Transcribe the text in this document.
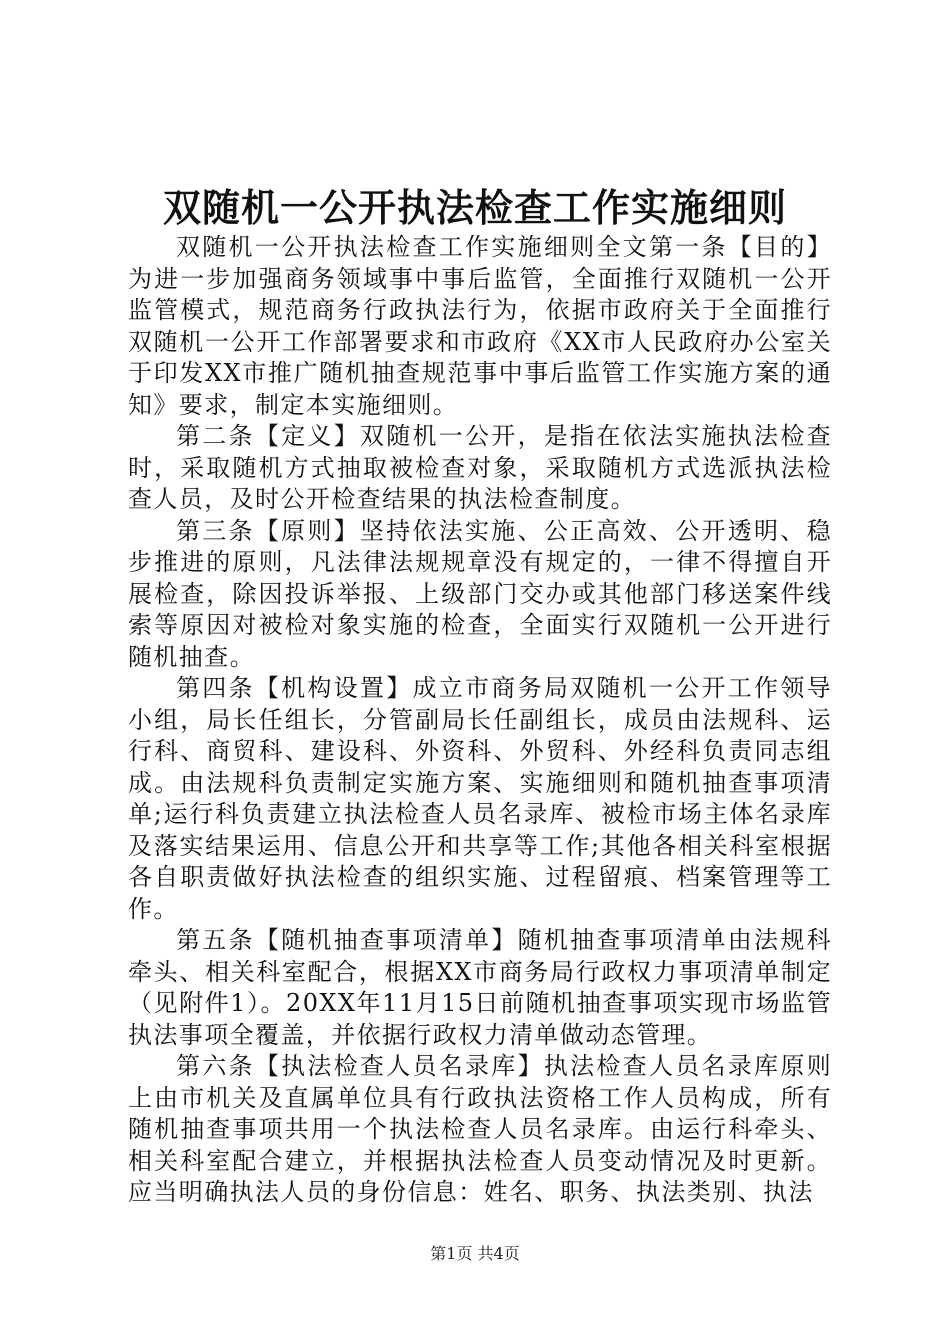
双随机一公开执法检查工作实施细则

双随机一公开执法检查工作实施细则全文第一条【目的】为进一步加强商务领域事中事后监管，全面推行双随机一公开监管模式，规范商务行政执法行为，依据市政府关于全面推行双随机一公开工作部署要求和市政府《XX市人民政府办公室关于印发XX市推广随机抽查规范事中事后监管工作实施方案的通知》要求，制定本实施细则。

第二条【定义】双随机一公开，是指在依法实施执法检查时，采取随机方式抽取被检查对象，采取随机方式选派执法检查人员，及时公开检查结果的执法检查制度。

第三条【原则】坚持依法实施、公正高效、公开透明、稳步推进的原则，凡法律法规规章没有规定的，一律不得擅自开展检查，除因投诉举报、上级部门交办或其他部门移送案件线索等原因对被检对象实施的检查，全面实行双随机一公开进行随机抽查。

第四条【机构设置】成立市商务局双随机一公开工作领导小组，局长任组长，分管副局长任副组长，成员由法规科、运行科、商贸科、建设科、外资科、外贸科、外经科负责同志组成。由法规科负责制定实施方案、实施细则和随机抽查事项清单;运行科负责建立执法检查人员名录库、被检市场主体名录库及落实结果运用、信息公开和共享等工作;其他各相关科室根据各自职责做好执法检查的组织实施、过程留痕、档案管理等工作。

第五条【随机抽查事项清单】随机抽查事项清单由法规科牵头、相关科室配合，根据XX市商务局行政权力事项清单制定（见附件1）。20XX年11月15日前随机抽查事项实现市场监管执法事项全覆盖，并依据行政权力清单做动态管理。

第六条【执法检查人员名录库】执法检查人员名录库原则上由市机关及直属单位具有行政执法资格工作人员构成，所有随机抽查事项共用一个执法检查人员名录库。由运行科牵头、相关科室配合建立，并根据执法检查人员变动情况及时更新。应当明确执法人员的身份信息：姓名、职务、执法类别、执法

第1页 共4页
